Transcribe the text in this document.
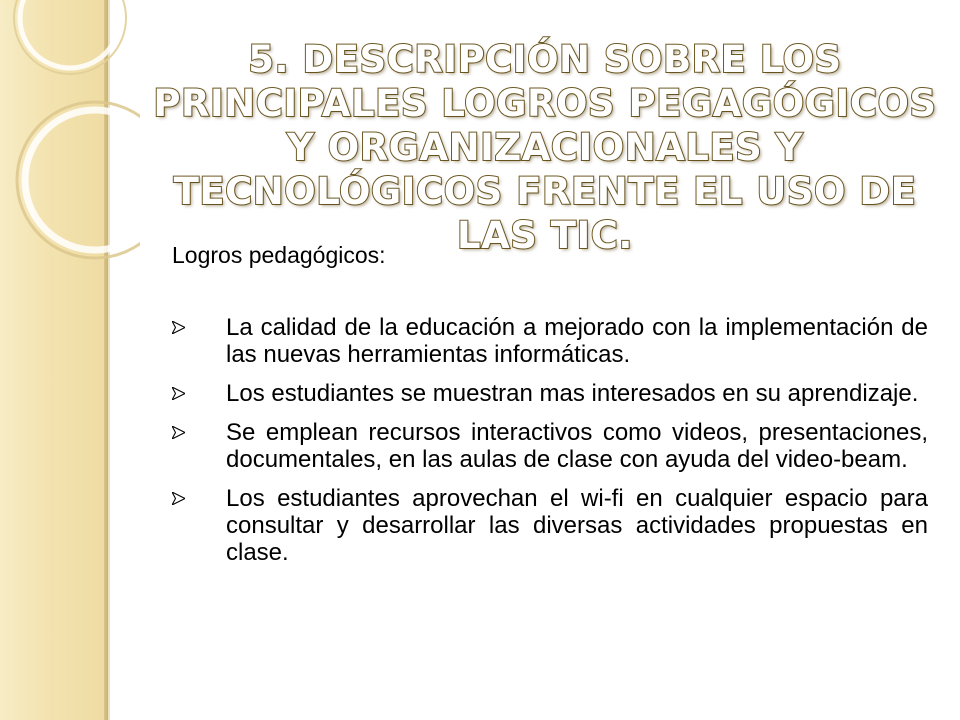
5. DESCRIPCIÓN SOBRE LOS PRINCIPALES LOGROS PEGAGÓGICOS Y ORGANIZACIONALES Y TECNOLÓGICOS FRENTE EL USO DE LAS TIC.

Logros pedagógicos:

La calidad de la educación a mejorado con la implementación de las nuevas herramientas informáticas.
Los estudiantes se muestran mas interesados en su aprendizaje.
Se emplean recursos interactivos como videos, presentaciones, documentales, en las aulas de clase con ayuda del video-beam.
Los estudiantes aprovechan el wi-fi en cualquier espacio para consultar y desarrollar las diversas actividades propuestas en clase.
